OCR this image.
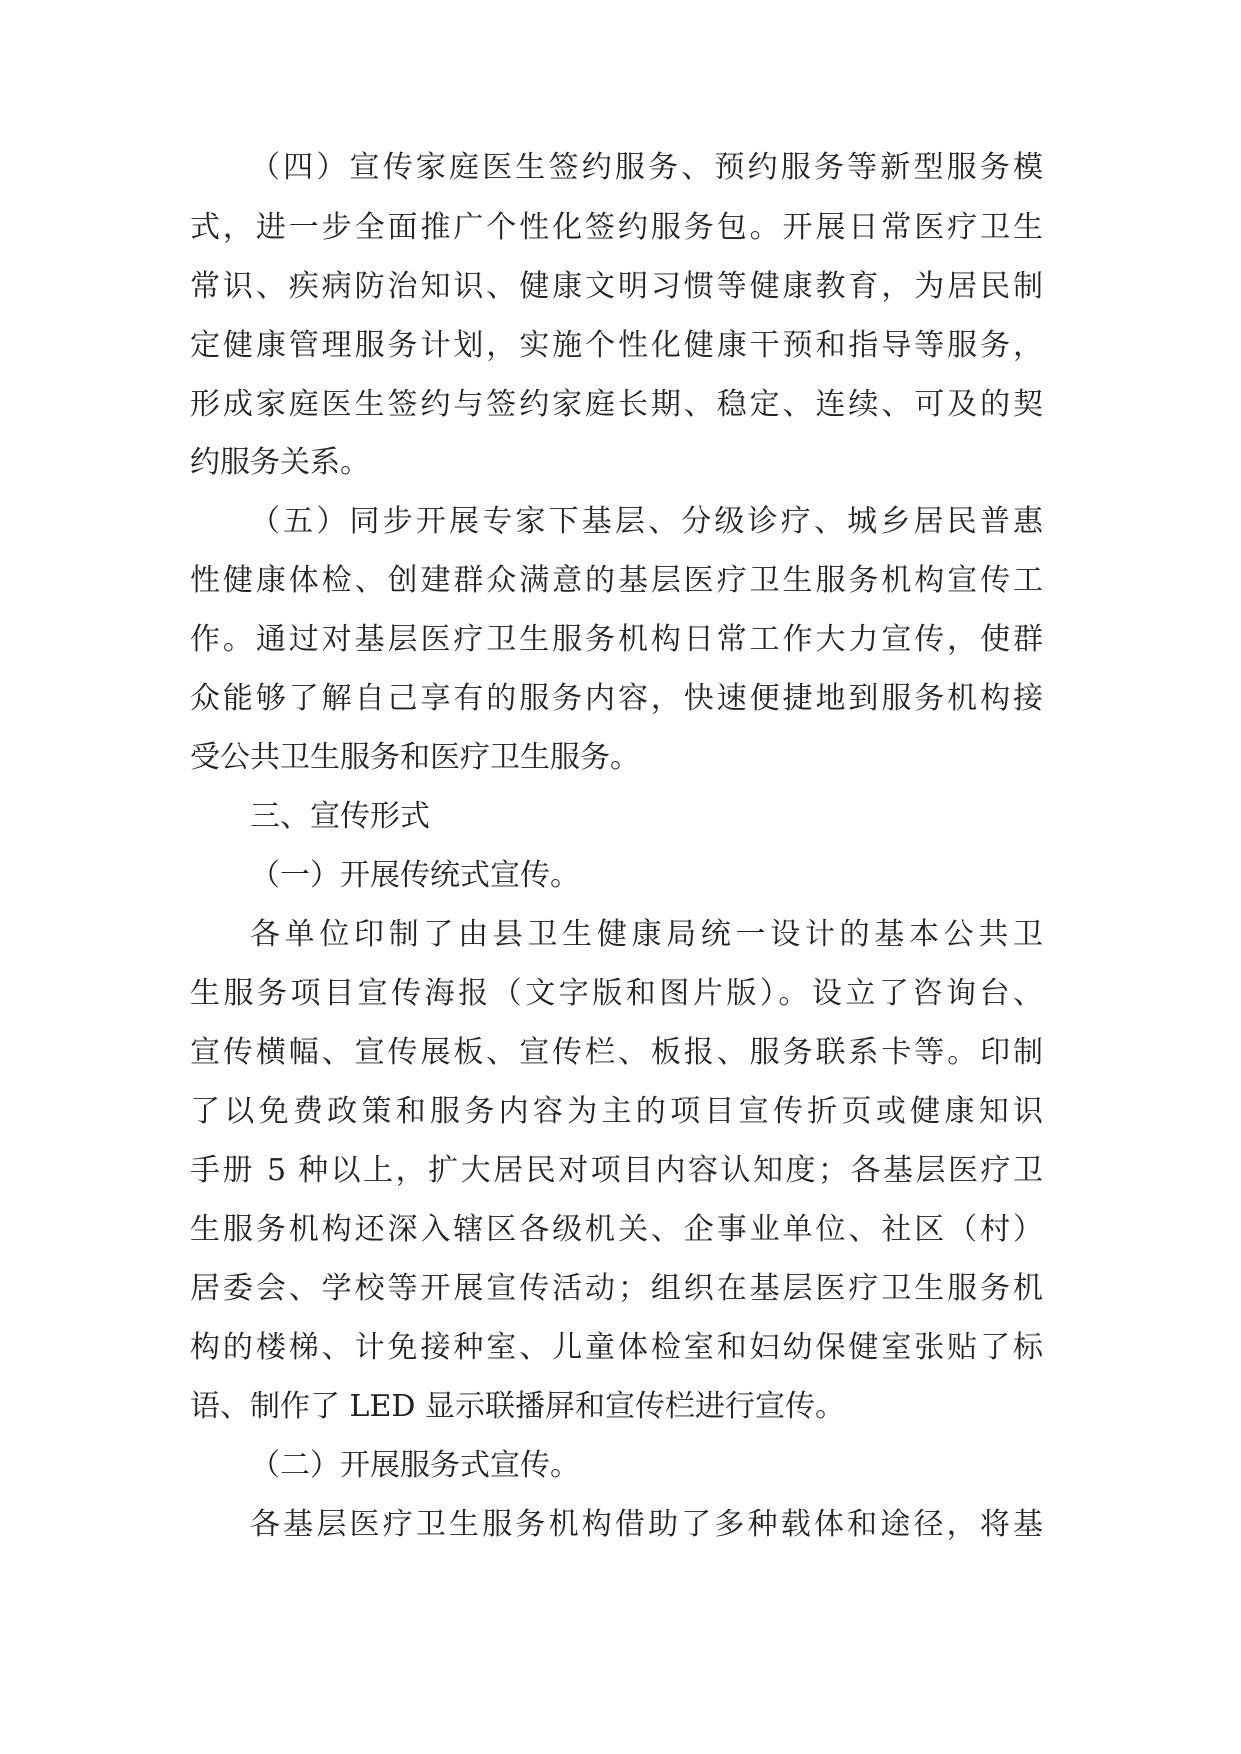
（四）宣传家庭医生签约服务、预约服务等新型服务模
式，进一步全面推广个性化签约服务包。开展日常医疗卫生
常识、疾病防治知识、健康文明习惯等健康教育，为居民制
定健康管理服务计划，实施个性化健康干预和指导等服务，
形成家庭医生签约与签约家庭长期、稳定、连续、可及的契
约服务关系。
（五）同步开展专家下基层、分级诊疗、城乡居民普惠
性健康体检、创建群众满意的基层医疗卫生服务机构宣传工
作。通过对基层医疗卫生服务机构日常工作大力宣传，使群
众能够了解自己享有的服务内容，快速便捷地到服务机构接
受公共卫生服务和医疗卫生服务。
三、宣传形式
（一）开展传统式宣传。
各单位印制了由县卫生健康局统一设计的基本公共卫
生服务项目宣传海报（文字版和图片版）。设立了咨询台、
宣传横幅、宣传展板、宣传栏、板报、服务联系卡等。印制
了以免费政策和服务内容为主的项目宣传折页或健康知识
手册 5 种以上，扩大居民对项目内容认知度；各基层医疗卫
生服务机构还深入辖区各级机关、企事业单位、社区（村）
居委会、学校等开展宣传活动；组织在基层医疗卫生服务机
构的楼梯、计免接种室、儿童体检室和妇幼保健室张贴了标
语、制作了 LED 显示联播屏和宣传栏进行宣传。
（二）开展服务式宣传。
各基层医疗卫生服务机构借助了多种载体和途径，将基
